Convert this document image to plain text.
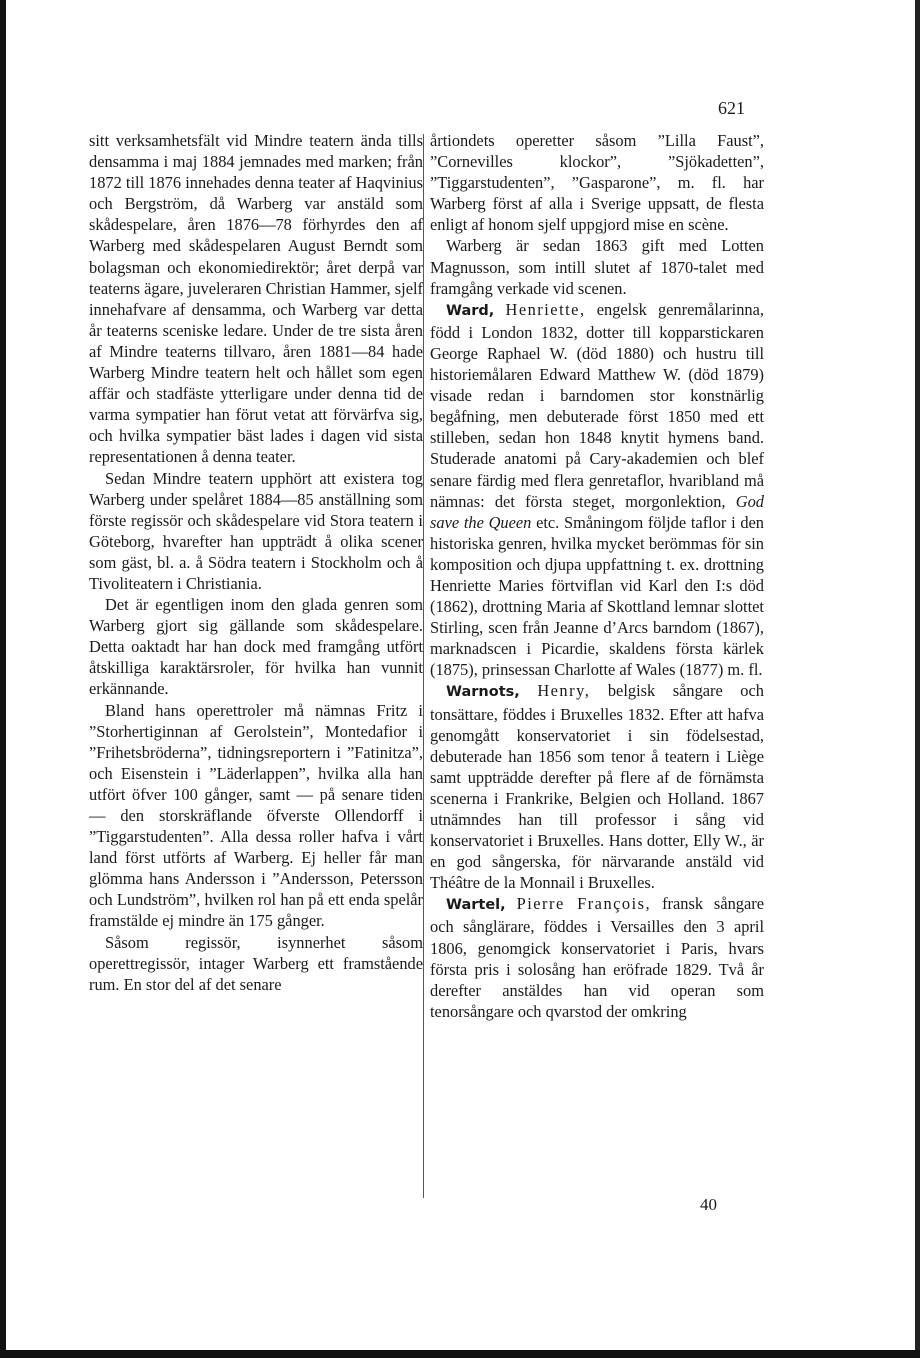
621

sitt verksamhetsfält vid Mindre teatern ända tills densamma i maj 1884 jemnades med marken; från 1872 till 1876 innehades denna teater af Haqvinius och Bergström, då Warberg var anstäld som skådespelare, åren 1876—78 förhyrdes den af Warberg med skådespelaren August Berndt som bolagsman och ekonomiedirektör; året derpå var teaterns ägare, juveleraren Christian Hammer, sjelf innehafvare af densamma, och Warberg var detta år teaterns sceniske ledare. Under de tre sista åren af Mindre teaterns tillvaro, åren 1881—84 hade Warberg Mindre teatern helt och hållet som egen affär och stadfäste ytterligare under denna tid de varma sympatier han förut vetat att förvärfva sig, och hvilka sympatier bäst lades i dagen vid sista representationen å denna teater.

Sedan Mindre teatern upphört att existera tog Warberg under spelåret 1884—85 anställning som förste regissör och skådespelare vid Stora teatern i Göteborg, hvarefter han uppträdt å olika scener som gäst, bl. a. å Södra teatern i Stockholm och å Tivoliteatern i Christiania.

Det är egentligen inom den glada genren som Warberg gjort sig gällande som skådespelare. Detta oaktadt har han dock med framgång utfört åtskilliga karaktärsroler, för hvilka han vunnit erkännande.

Bland hans operettroler må nämnas Fritz i ”Storhertiginnan af Gerolstein”, Montedafior i ”Frihetsbröderna”, tidningsreportern i ”Fatinitza”, och Eisenstein i ”Läderlappen”, hvilka alla han utfört öfver 100 gånger, samt — på senare tiden — den storskräflande öfverste Ollendorff i ”Tiggarstudenten”. Alla dessa roller hafva i vårt land först utförts af Warberg. Ej heller får man glömma hans Andersson i ”Andersson, Petersson och Lundström”, hvilken rol han på ett enda spelår framstälde ej mindre än 175 gånger.

Såsom regissör, isynnerhet såsom operettregissör, intager Warberg ett framstående rum. En stor del af det senare

årtiondets operetter såsom ”Lilla Faust”, ”Cornevilles klockor”, ”Sjökadetten”, ”Tiggarstudenten”, ”Gasparone”, m. fl. har Warberg först af alla i Sverige uppsatt, de flesta enligt af honom sjelf uppgjord mise en scène.

Warberg är sedan 1863 gift med Lotten Magnusson, som intill slutet af 1870-talet med framgång verkade vid scenen.

Ward, Henriette, engelsk genremålarinna, född i London 1832, dotter till kopparstickaren George Raphael W. (död 1880) och hustru till historiemålaren Edward Matthew W. (död 1879) visade redan i barndomen stor konstnärlig begåfning, men debuterade först 1850 med ett stilleben, sedan hon 1848 knytit hymens band. Studerade anatomi på Cary-akademien och blef senare färdig med flera genretaflor, hvaribland må nämnas: det första steget, morgonlektion, God save the Queen etc. Småningom följde taflor i den historiska genren, hvilka mycket berömmas för sin komposition och djupa uppfattning t. ex. drottning Henriette Maries förtviflan vid Karl den I:s död (1862), drottning Maria af Skottland lemnar slottet Stirling, scen från Jeanne d’Arcs barndom (1867), marknadscen i Picardie, skaldens första kärlek (1875), prinsessan Charlotte af Wales (1877) m. fl.

Warnots, Henry, belgisk sångare och tonsättare, föddes i Bruxelles 1832. Efter att hafva genomgått konservatoriet i sin födelsestad, debuterade han 1856 som tenor å teatern i Liège samt uppträdde derefter på flere af de förnämsta scenerna i Frankrike, Belgien och Holland. 1867 utnämndes han till professor i sång vid konservatoriet i Bruxelles. Hans dotter, Elly W., är en god sångerska, för närvarande anstäld vid Théâtre de la Monnail i Bruxelles.

Wartel, Pierre François, fransk sångare och sånglärare, föddes i Versailles den 3 april 1806, genomgick konservatoriet i Paris, hvars första pris i solosång han eröfrade 1829. Två år derefter anstäldes han vid operan som tenorsångare och qvarstod der omkring

40
